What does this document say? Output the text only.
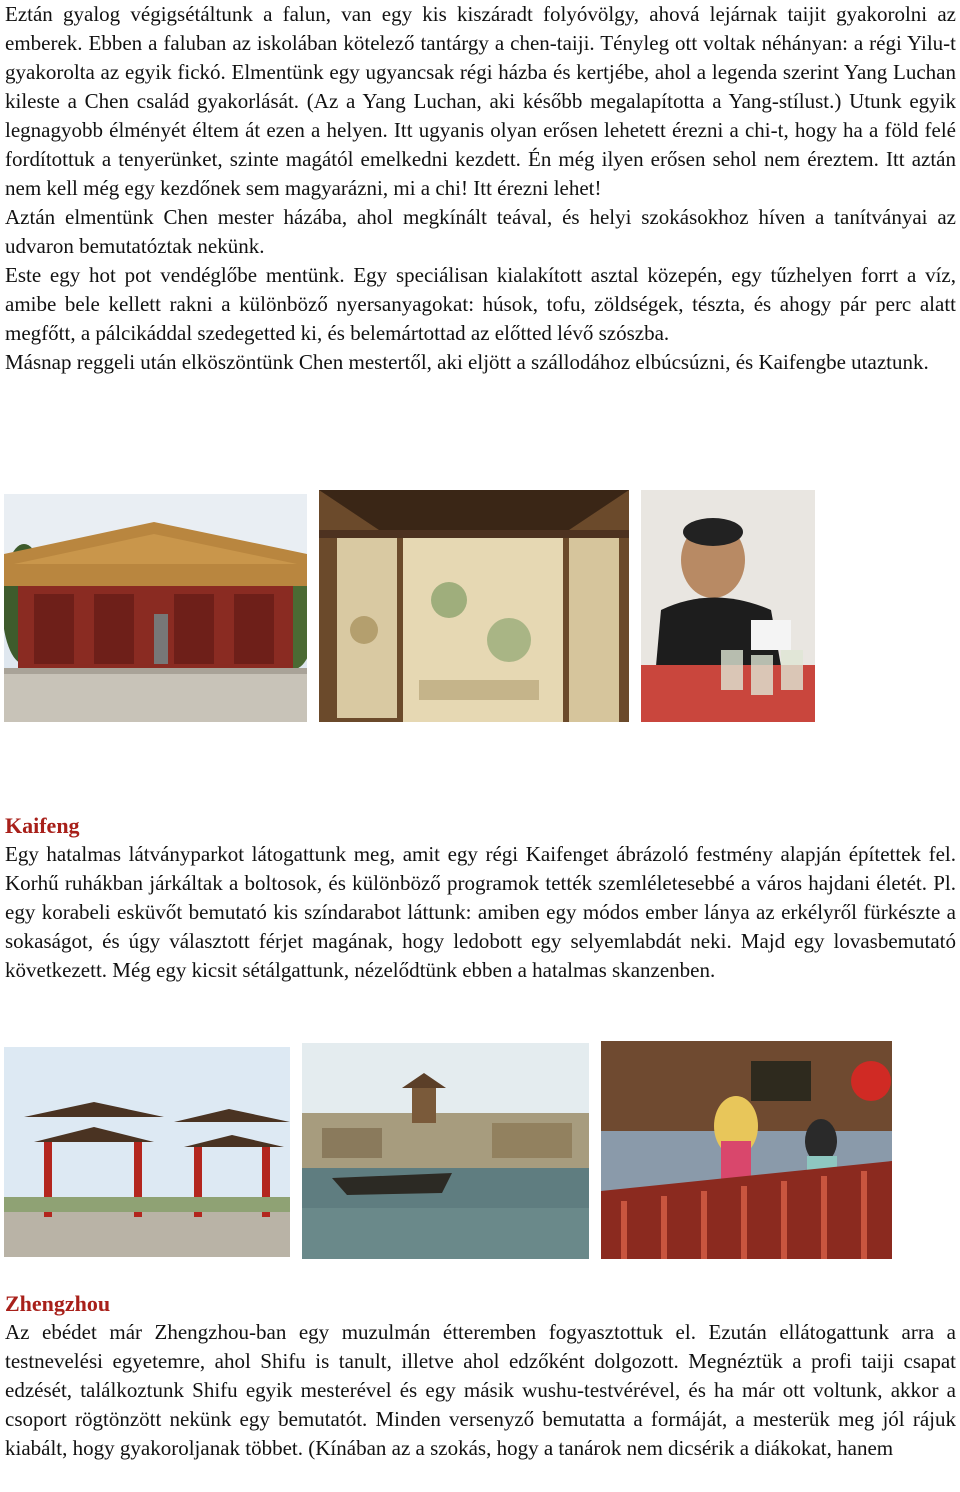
Eztán gyalog végigsétáltunk a falun, van egy kis kiszáradt folyóvölgy, ahová lejárnak taijit gyakorolni az emberek. Ebben a faluban az iskolában kötelező tantárgy a chen-taiji. Tényleg ott voltak néhányan: a régi Yilu-t gyakorolta az egyik fickó. Elmentünk egy ugyancsak régi házba és kertjébe, ahol a legenda szerint Yang Luchan kileste a Chen család gyakorlását. (Az a Yang Luchan, aki később megalapította a Yang-stílust.) Utunk egyik legnagyobb élményét éltem át ezen a helyen. Itt ugyanis olyan erősen lehetett érezni a chi-t, hogy ha a föld felé fordítottuk a tenyerünket, szinte magától emelkedni kezdett. Én még ilyen erősen sehol nem éreztem. Itt aztán nem kell még egy kezdőnek sem magyarázni, mi a chi! Itt érezni lehet!

Aztán elmentünk Chen mester házába, ahol megkínált teával, és helyi szokásokhoz híven a tanítványai az udvaron bemutatóztak nekünk.

Este egy hot pot vendéglőbe mentünk. Egy speciálisan kialakított asztal közepén, egy tűzhelyen forrt a víz, amibe bele kellett rakni a különböző nyersanyagokat: húsok, tofu, zöldségek, tészta, és ahogy pár perc alatt megfőtt, a pálcikáddal szedegetted ki, és belemártottad az előtted lévő szószba.

Másnap reggeli után elköszöntünk Chen mestertől, aki eljött a szállodához elbúcsúzni, és Kaifengbe utaztunk.

Kaifeng

Egy hatalmas látványparkot látogattunk meg, amit egy régi Kaifenget ábrázoló festmény alapján építettek fel. Korhű ruhákban járkáltak a boltosok, és különböző programok tették szemléletesebbé a város hajdani életét. Pl. egy korabeli esküvőt bemutató kis színdarabot láttunk: amiben egy módos ember lánya az erkélyről fürkészte a sokaságot, és úgy választott férjet magának, hogy ledobott egy selyemlabdát neki. Majd egy lovasbemutató következett. Még egy kicsit sétálgattunk, nézelődtünk ebben a hatalmas skanzenben.

Zhengzhou

Az ebédet már Zhengzhou-ban egy muzulmán étteremben fogyasztottuk el. Ezután ellátogattunk arra a testnevelési egyetemre, ahol Shifu is tanult, illetve ahol edzőként dolgozott. Megnéztük a profi taiji csapat edzését, találkoztunk Shifu egyik mesterével és egy másik wushu-testvérével, és ha már ott voltunk, akkor a csoport rögtönzött nekünk egy bemutatót. Minden versenyző bemutatta a formáját, a mesterük meg jól rájuk kiabált, hogy gyakoroljanak többet. (Kínában az a szokás, hogy a tanárok nem dicsérik a diákokat, hanem
